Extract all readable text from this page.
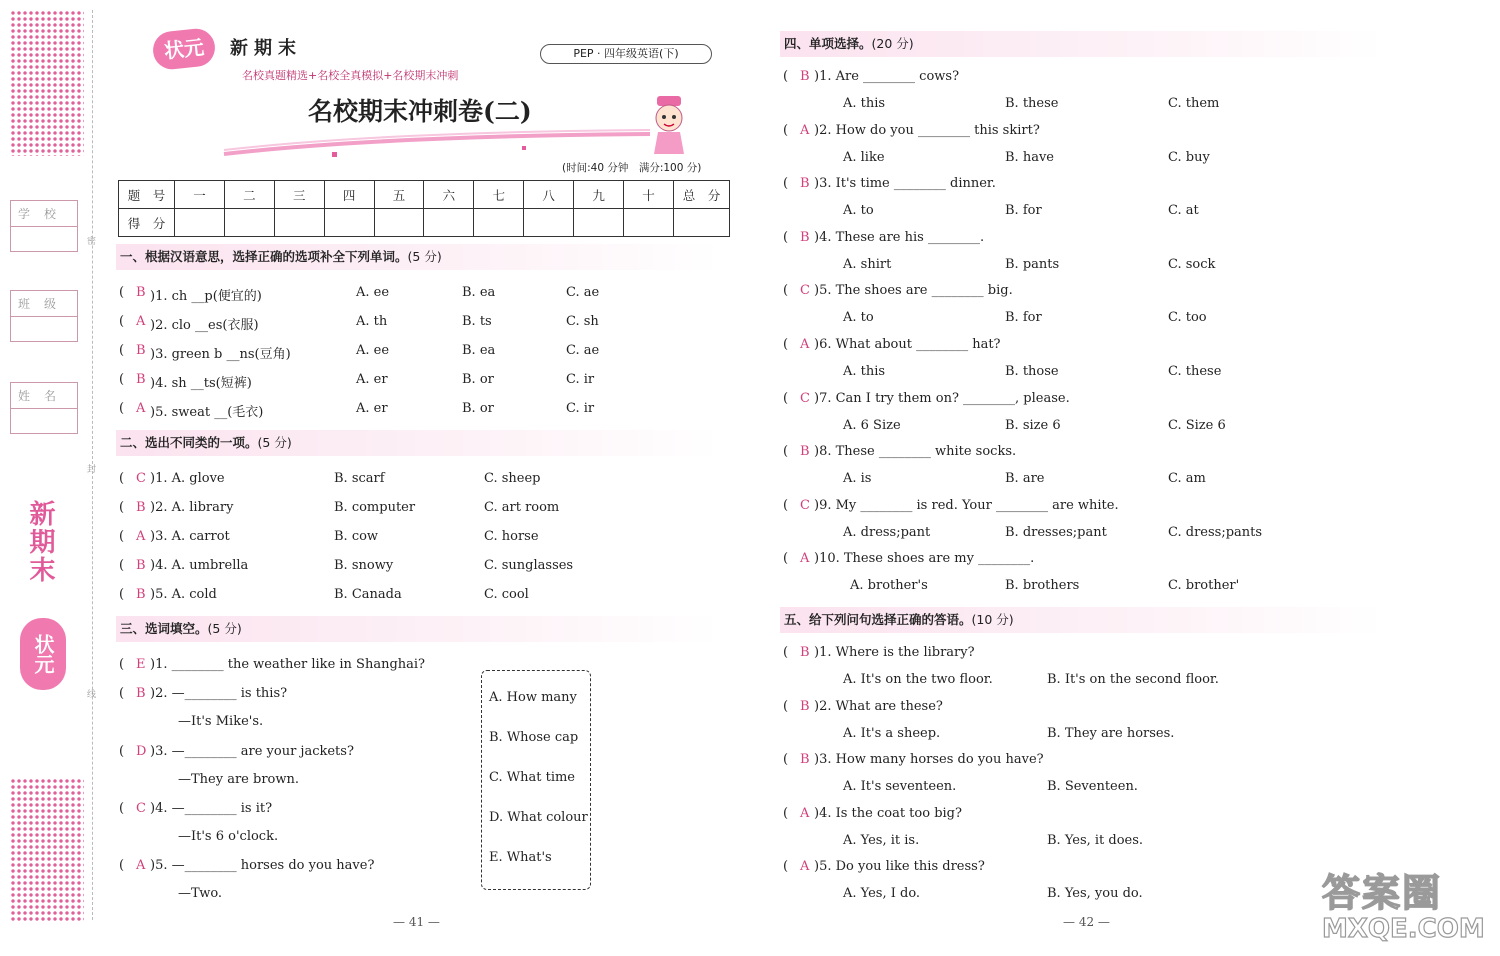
密
封
线
学校
班级
姓名
新期末
状元
状元	新期末
名校真题精选+名校全真模拟+名校期末冲刺
PEP · 四年级英语(下)
名校期末冲刺卷(二)
(时间:40 分钟　满分:100 分)
题　号	一	二	三	四	五	六	七	八	九	十	总　分
得　分											
一、根据汉语意思，选择正确的选项补全下列单词。(5 分)
( B )1. ch __p(便宜的)	A. ee	B. ea	C. ae
( A )2. clo __es(衣服)	A. th	B. ts	C. sh
( B )3. green b __ns(豆角)	A. ee	B. ea	C. ae
( B )4. sh __ts(短裤)	A. er	B. or	C. ir
( A )5. sweat __(毛衣)	A. er	B. or	C. ir
二、选出不同类的一项。(5 分)
( C )1. A. glove	B. scarf	C. sheep
( B )2. A. library	B. computer	C. art room
( A )3. A. carrot	B. cow	C. horse
( B )4. A. umbrella	B. snowy	C. sunglasses
( B )5. A. cold	B. Canada	C. cool
三、选词填空。(5 分)
( E )1. ________ the weather like in Shanghai?
( B )2. —________ is this?
—It's Mike's.
( D )3. —________ are your jackets?
—They are brown.
( C )4. —________ is it?
—It's 6 o'clock.
( A )5. —________ horses do you have?
—Two.
A. How many
B. Whose cap
C. What time
D. What colour
E. What's
— 41 —
四、单项选择。(20 分)
( B )1. Are ________ cows?
A. this	B. these	C. them
( A )2. How do you ________ this skirt?
A. like	B. have	C. buy
( B )3. It's time ________ dinner.
A. to	B. for	C. at
( B )4. These are his ________.
A. shirt	B. pants	C. sock
( C )5. The shoes are ________ big.
A. to	B. for	C. too
( A )6. What about ________ hat?
A. this	B. those	C. these
( C )7. Can I try them on? ________, please.
A. 6 Size	B. size 6	C. Size 6
( B )8. These ________ white socks.
A. is	B. are	C. am
( C )9. My ________ is red. Your ________ are white.
A. dress;pant	B. dresses;pant	C. dress;pants
( A )10. These shoes are my ________.
A. brother's	B. brothers	C. brother'
五、给下列问句选择正确的答语。(10 分)
( B )1. Where is the library?
A. It's on the two floor.	B. It's on the second floor.
( B )2. What are these?
A. It's a sheep.	B. They are horses.
( B )3. How many horses do you have?
A. It's seventeen.	B. Seventeen.
( A )4. Is the coat too big?
A. Yes, it is.	B. Yes, it does.
( A )5. Do you like this dress?
A. Yes, I do.	B. Yes, you do.
— 42 —
答案圈
MXQE.COM
